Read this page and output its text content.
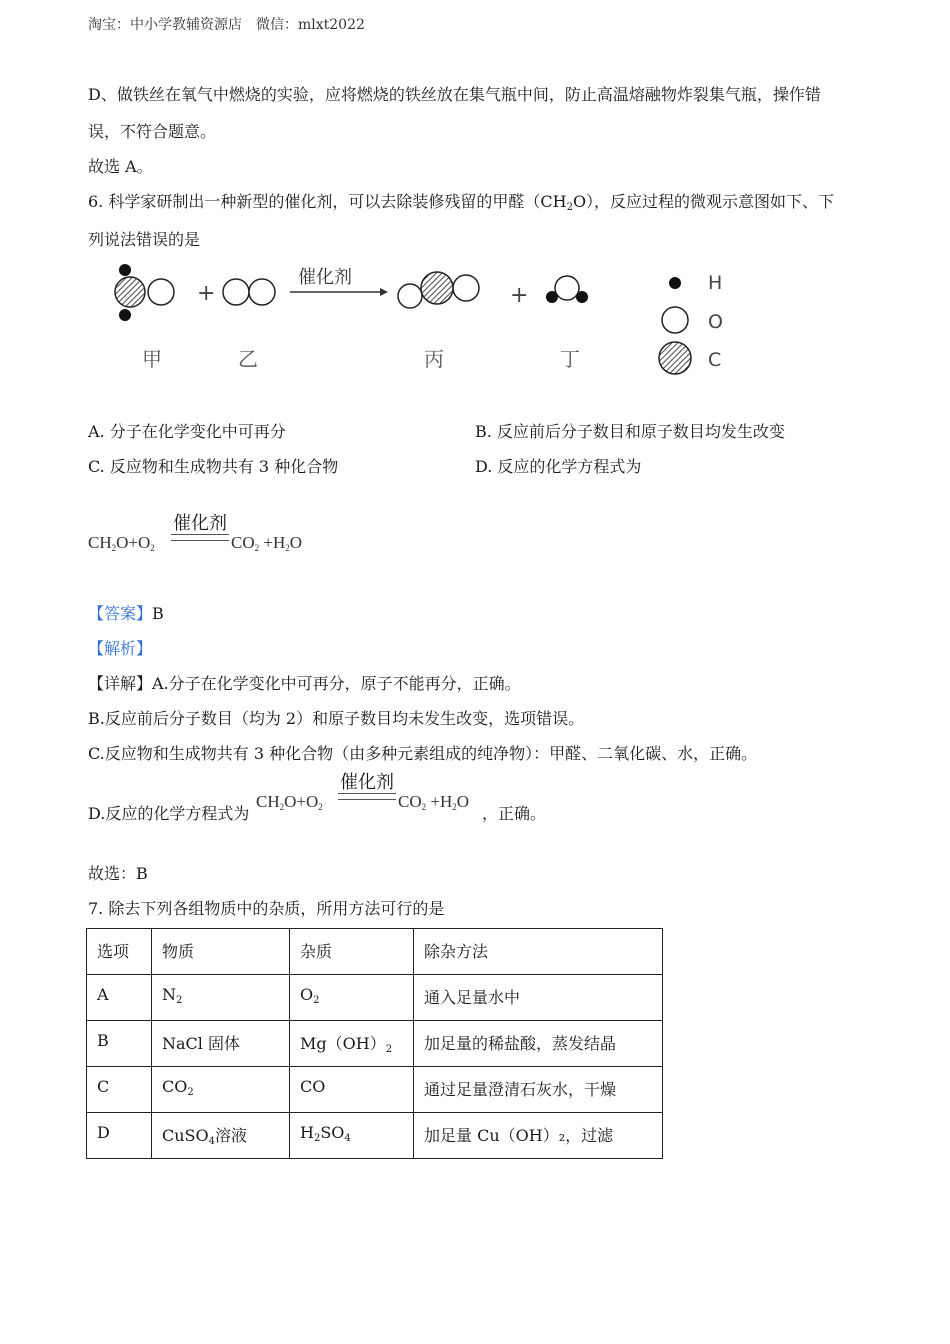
淘宝：中小学教辅资源店　微信：mlxt2022
D、做铁丝在氧气中燃烧的实验，应将燃烧的铁丝放在集气瓶中间，防止高温熔融物炸裂集气瓶，操作错
误，不符合题意。
故选 A。
6. 科学家研制出一种新型的催化剂，可以去除装修残留的甲醛$(CH_2O)$，反应过程的微观示意图如下、下
列说法错误的是
+
催化剂
+
甲	乙	丙	丁
H
O
C
A. 分子在化学变化中可再分	B. 反应前后分子数目和原子数目均发生改变
C. 反应物和生成物共有 3 种化合物	D. 反应的化学方程式为
$CH_2O+O_2$
催化剂
$CO_2 +H_2O$
【答案】B
【解析】
【详解】A.分子在化学变化中可再分，原子不能再分，正确。
B.反应前后分子数目（均为 2）和原子数目均未发生改变，选项错误。
C.反应物和生成物共有 3 种化合物（由多种元素组成的纯净物）：甲醛、二氧化碳、水，正确。
D.反应的化学方程式为
$CH_2O+O_2$
催化剂
$CO_2 +H_2O$
，正确。
故选：B
7. 除去下列各组物质中的杂质，所用方法可行的是
选项	物质	杂质	除杂方法
A	$N_2$	$O_2$	通入足量水中
B	NaCl 固体	$Mg(OH)_2$	加足量的稀盐酸，蒸发结晶
C	$CO_2$	CO	通过足量澄清石灰水，干燥
D	CuSO$_4$溶液	$H_2SO_4$	加足量 Cu（OH）₂，过滤
